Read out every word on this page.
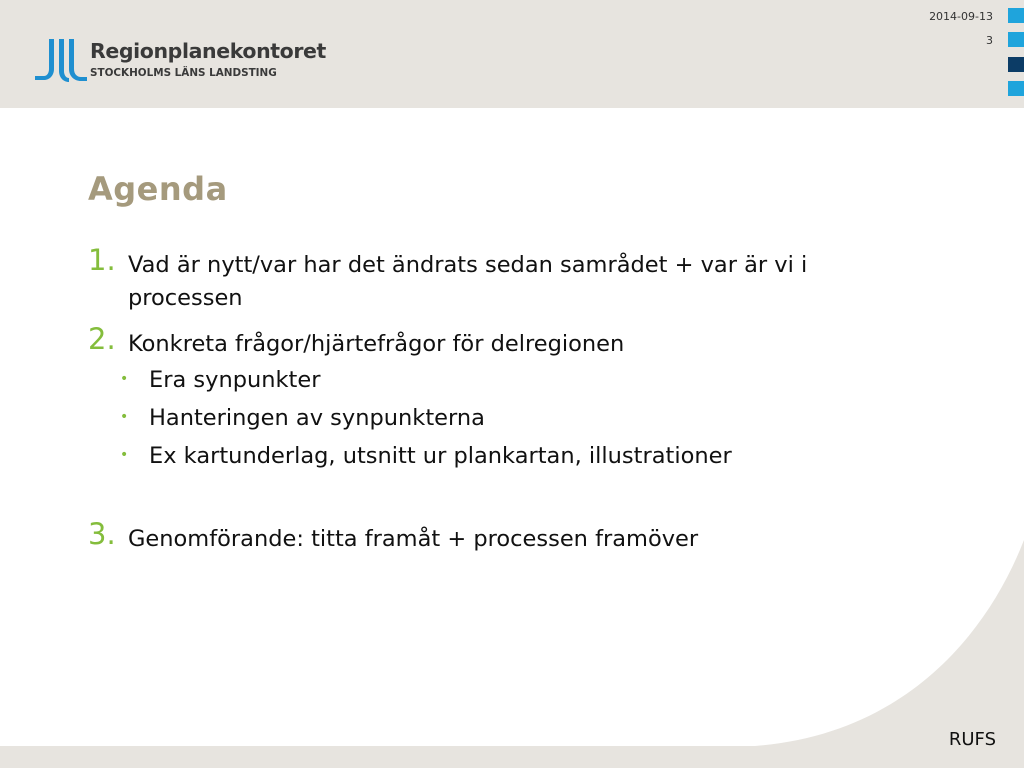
Regionplanekontoret
STOCKHOLMS LÄNS LANDSTING
2014-09-13
3
Agenda
1. Vad är nytt/var har det ändrats sedan samrådet + var är vi i processen
2. Konkreta frågor/hjärtefrågor för delregionen
• Era synpunkter
• Hanteringen av synpunkterna
• Ex kartunderlag, utsnitt ur plankartan, illustrationer
3. Genomförande: titta framåt + processen framöver
RUFS
